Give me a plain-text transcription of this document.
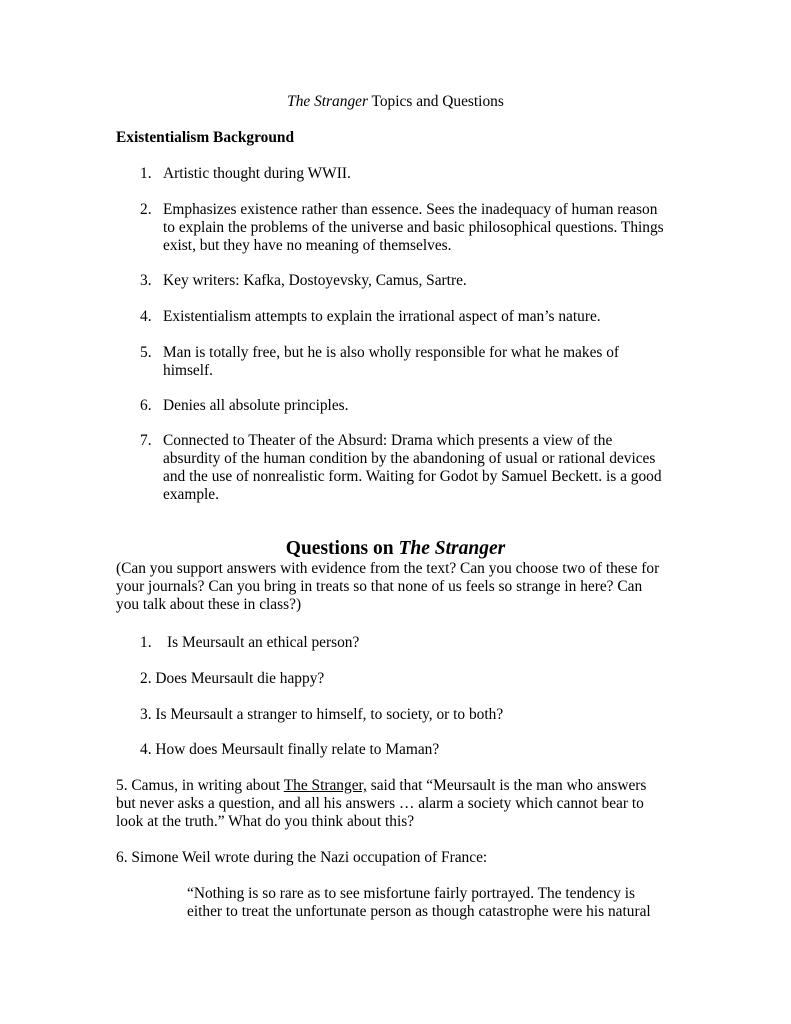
The Stranger Topics and Questions
Existentialism Background
1. Artistic thought during WWII.
2. Emphasizes existence rather than essence. Sees the inadequacy of human reason
to explain the problems of the universe and basic philosophical questions. Things
exist, but they have no meaning of themselves.
3. Key writers: Kafka, Dostoyevsky, Camus, Sartre.
4. Existentialism attempts to explain the irrational aspect of man’s nature.
5. Man is totally free, but he is also wholly responsible for what he makes of
himself.
6. Denies all absolute principles.
7. Connected to Theater of the Absurd: Drama which presents a view of the
absurdity of the human condition by the abandoning of usual or rational devices
and the use of nonrealistic form. Waiting for Godot by Samuel Beckett. is a good
example.
Questions on The Stranger
(Can you support answers with evidence from the text? Can you choose two of these for
your journals? Can you bring in treats so that none of us feels so strange in here? Can
you talk about these in class?)
1. Is Meursault an ethical person?
2. Does Meursault die happy?
3. Is Meursault a stranger to himself, to society, or to both?
4. How does Meursault finally relate to Maman?
5. Camus, in writing about The Stranger, said that “Meursault is the man who answers
but never asks a question, and all his answers … alarm a society which cannot bear to
look at the truth.” What do you think about this?
6. Simone Weil wrote during the Nazi occupation of France:
“Nothing is so rare as to see misfortune fairly portrayed. The tendency is
either to treat the unfortunate person as though catastrophe were his natural
